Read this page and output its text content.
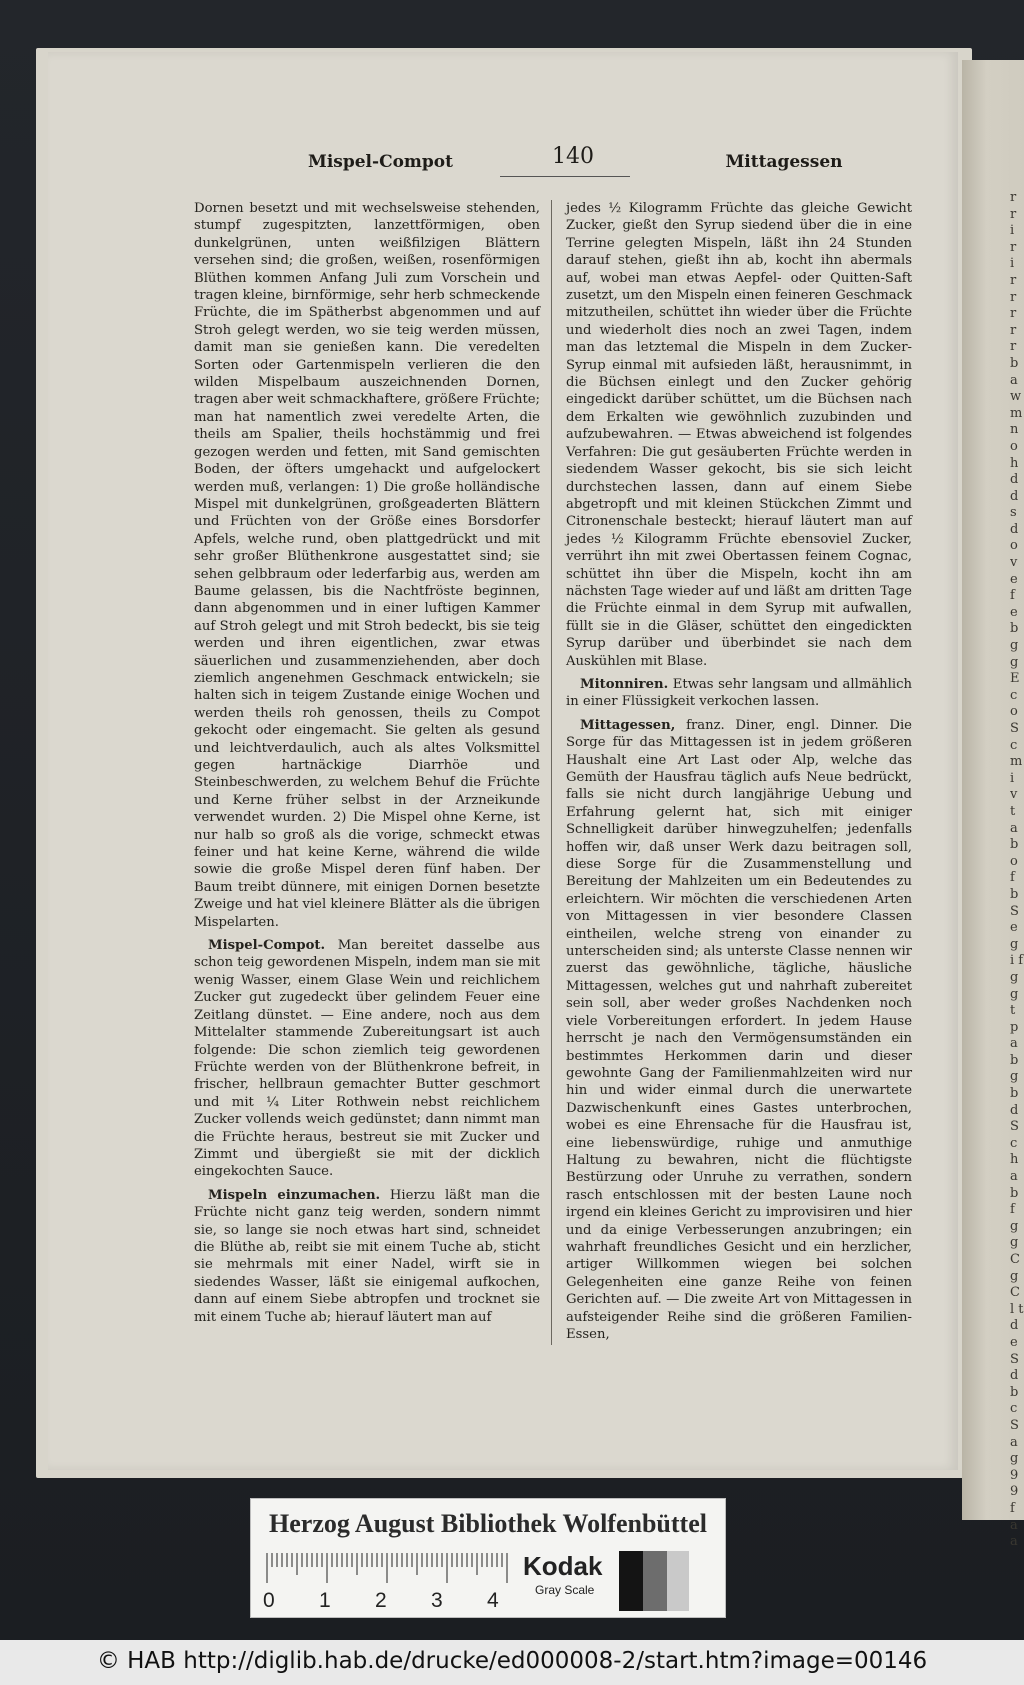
r r i r i r r r r r b a w m n o h d d s d o v e f e b g g E c o S c m i v t a b o f b S e g i f g g t p a b g b d Sch a b f g g C g C l t d e S d b c S a g 9 9 f a a
Mispel-Compot	140	Mittagessen

Dornen besetzt und mit wechselsweise stehenden, stumpf zugespitzten, lanzettförmigen, oben dunkelgrünen, unten weißfilzigen Blättern versehen sind; die großen, weißen, rosenförmigen Blüthen kommen Anfang Juli zum Vorschein und tragen kleine, birnförmige, sehr herb schmeckende Früchte, die im Spätherbst abgenommen und auf Stroh gelegt werden, wo sie teig werden müssen, damit man sie genießen kann. Die veredelten Sorten oder Gartenmispeln verlieren die den wilden Mispelbaum auszeichnenden Dornen, tragen aber weit schmackhaftere, größere Früchte; man hat namentlich zwei veredelte Arten, die theils am Spalier, theils hochstämmig und frei gezogen werden und fetten, mit Sand gemischten Boden, der öfters umgehackt und aufgelockert werden muß, verlangen: 1) Die große holländische Mispel mit dunkelgrünen, großgeaderten Blättern und Früchten von der Größe eines Borsdorfer Apfels, welche rund, oben plattgedrückt und mit sehr großer Blüthenkrone ausgestattet sind; sie sehen gelbbraum oder lederfarbig aus, werden am Baume gelassen, bis die Nachtfröste beginnen, dann abgenommen und in einer luftigen Kammer auf Stroh gelegt und mit Stroh bedeckt, bis sie teig werden und ihren eigentlichen, zwar etwas säuerlichen und zusammenziehenden, aber doch ziemlich angenehmen Geschmack entwickeln; sie halten sich in teigem Zustande einige Wochen und werden theils roh genossen, theils zu Compot gekocht oder eingemacht. Sie gelten als gesund und leichtverdaulich, auch als altes Volksmittel gegen hartnäckige Diarrhöe und Steinbeschwerden, zu welchem Behuf die Früchte und Kerne früher selbst in der Arzneikunde verwendet wurden. 2) Die Mispel ohne Kerne, ist nur halb so groß als die vorige, schmeckt etwas feiner und hat keine Kerne, während die wilde sowie die große Mispel deren fünf haben. Der Baum treibt dünnere, mit einigen Dornen besetzte Zweige und hat viel kleinere Blätter als die übrigen Mispelarten.

Mispel-Compot. Man bereitet dasselbe aus schon teig gewordenen Mispeln, indem man sie mit wenig Wasser, einem Glase Wein und reichlichem Zucker gut zugedeckt über gelindem Feuer eine Zeitlang dünstet. — Eine andere, noch aus dem Mittelalter stammende Zubereitungsart ist auch folgende: Die schon ziemlich teig gewordenen Früchte werden von der Blüthenkrone befreit, in frischer, hellbraun gemachter Butter geschmort und mit ¼ Liter Rothwein nebst reichlichem Zucker vollends weich gedünstet; dann nimmt man die Früchte heraus, bestreut sie mit Zucker und Zimmt und übergießt sie mit der dicklich eingekochten Sauce.

Mispeln einzumachen. Hierzu läßt man die Früchte nicht ganz teig werden, sondern nimmt sie, so lange sie noch etwas hart sind, schneidet die Blüthe ab, reibt sie mit einem Tuche ab, sticht sie mehrmals mit einer Nadel, wirft sie in siedendes Wasser, läßt sie einigemal aufkochen, dann auf einem Siebe abtropfen und trocknet sie mit einem Tuche ab; hierauf läutert man auf

jedes ½ Kilogramm Früchte das gleiche Gewicht Zucker, gießt den Syrup siedend über die in eine Terrine gelegten Mispeln, läßt ihn 24 Stunden darauf stehen, gießt ihn ab, kocht ihn abermals auf, wobei man etwas Aepfel- oder Quitten-Saft zusetzt, um den Mispeln einen feineren Geschmack mitzutheilen, schüttet ihn wieder über die Früchte und wiederholt dies noch an zwei Tagen, indem man das letztemal die Mispeln in dem Zucker-Syrup einmal mit aufsieden läßt, herausnimmt, in die Büchsen einlegt und den Zucker gehörig eingedickt darüber schüttet, um die Büchsen nach dem Erkalten wie gewöhnlich zuzubinden und aufzubewahren. — Etwas abweichend ist folgendes Verfahren: Die gut gesäuberten Früchte werden in siedendem Wasser gekocht, bis sie sich leicht durchstechen lassen, dann auf einem Siebe abgetropft und mit kleinen Stückchen Zimmt und Citronenschale besteckt; hierauf läutert man auf jedes ½ Kilogramm Früchte ebensoviel Zucker, verrührt ihn mit zwei Obertassen feinem Cognac, schüttet ihn über die Mispeln, kocht ihn am nächsten Tage wieder auf und läßt am dritten Tage die Früchte einmal in dem Syrup mit aufwallen, füllt sie in die Gläser, schüttet den eingedickten Syrup darüber und überbindet sie nach dem Auskühlen mit Blase.

Mitonniren. Etwas sehr langsam und allmählich in einer Flüssigkeit verkochen lassen.

Mittagessen, franz. Diner, engl. Dinner. Die Sorge für das Mittagessen ist in jedem größeren Haushalt eine Art Last oder Alp, welche das Gemüth der Hausfrau täglich aufs Neue bedrückt, falls sie nicht durch langjährige Uebung und Erfahrung gelernt hat, sich mit einiger Schnelligkeit darüber hinwegzuhelfen; jedenfalls hoffen wir, daß unser Werk dazu beitragen soll, diese Sorge für die Zusammenstellung und Bereitung der Mahlzeiten um ein Bedeutendes zu erleichtern. Wir möchten die verschiedenen Arten von Mittagessen in vier besondere Classen eintheilen, welche streng von einander zu unterscheiden sind; als unterste Classe nennen wir zuerst das gewöhnliche, tägliche, häusliche Mittagessen, welches gut und nahrhaft zubereitet sein soll, aber weder großes Nachdenken noch viele Vorbereitungen erfordert. In jedem Hause herrscht je nach den Vermögensumständen ein bestimmtes Herkommen darin und dieser gewohnte Gang der Familienmahlzeiten wird nur hin und wider einmal durch die unerwartete Dazwischenkunft eines Gastes unterbrochen, wobei es eine Ehrensache für die Hausfrau ist, eine liebenswürdige, ruhige und anmuthige Haltung zu bewahren, nicht die flüchtigste Bestürzung oder Unruhe zu verrathen, sondern rasch entschlossen mit der besten Laune noch irgend ein kleines Gericht zu improvisiren und hier und da einige Verbesserungen anzubringen; ein wahrhaft freundliches Gesicht und ein herzlicher, artiger Willkommen wiegen bei solchen Gelegenheiten eine ganze Reihe von feinen Gerichten auf. — Die zweite Art von Mittagessen in aufsteigender Reihe sind die größeren Familien-Essen,

Herzog August Bibliothek Wolfenbüttel
0 1 2 3 4
Kodak
Gray Scale
© HAB http://diglib.hab.de/drucke/ed000008-2/start.htm?image=00146
